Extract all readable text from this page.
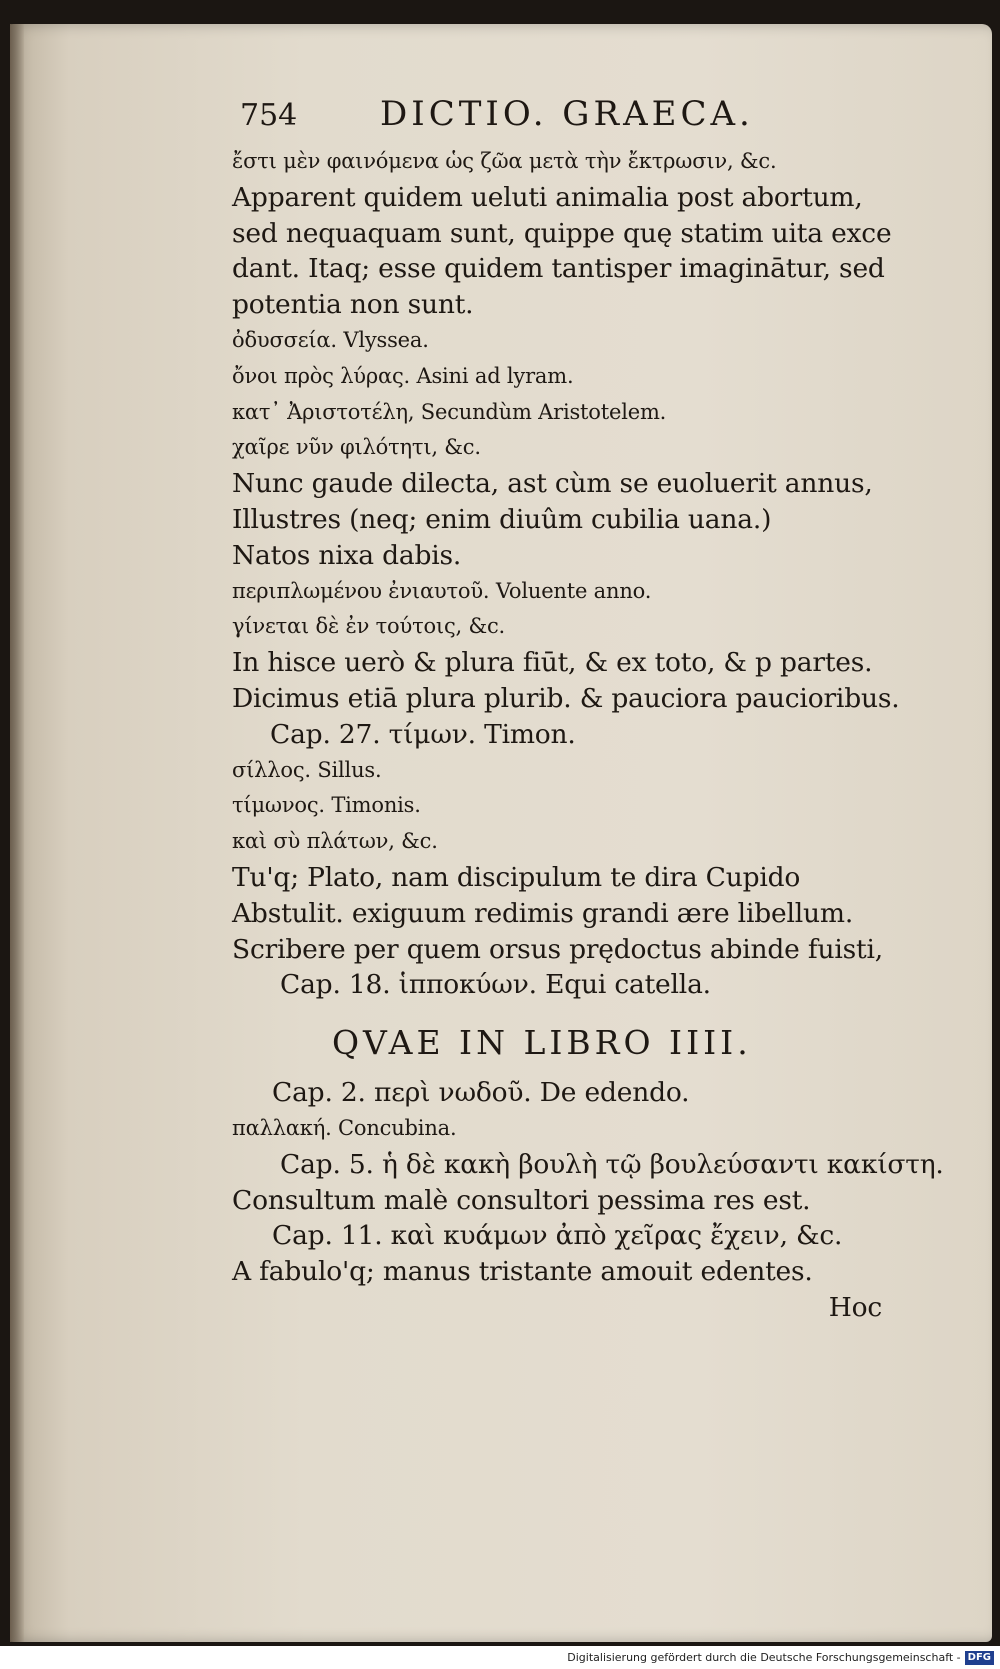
754	DICTIO. GRAECA.
ἔστι μὲν φαινόμενα ὡς ζῶα μετὰ τὴν ἔκτρωσιν, &c.
Apparent quidem ueluti animalia post abortum,
sed nequaquam sunt, quippe quę statim uita exce
dant. Itaq; esse quidem tantisper imaginātur, sed
potentia non sunt.
ὀδυσσεία. Vlyssea.
ὄνοι πρὸς λύρας. Asini ad lyram.
κατ᾽ Ἀριστοτέλη, Secundùm Aristotelem.
χαῖρε νῦν φιλότητι, &c.
Nunc gaude dilecta, ast cùm se euoluerit annus,
Illustres (neq; enim diuûm cubilia uana.)
Natos nixa dabis.
περιπλωμένου ἐνιαυτοῦ. Voluente anno.
γίνεται δὲ ἐν τούτοις, &c.
In hisce uerò & plura fiūt, & ex toto, & p partes.
Dicimus etiā plura plurib. & pauciora paucioribus.
Cap. 27. τίμων. Timon.
σίλλος. Sillus.
τίμωνος. Timonis.
καὶ σὺ πλάτων, &c.
Tu'q; Plato, nam discipulum te dira Cupido
Abstulit. exiguum redimis grandi ære libellum.
Scribere per quem orsus prędoctus abinde fuisti,
Cap. 18. ἱπποκύων. Equi catella.
QVAE IN LIBRO IIII.
Cap. 2. περὶ νωδοῦ. De edendo.
παλλακή. Concubina.
Cap. 5. ἡ δὲ κακὴ βουλὴ τῷ βουλεύσαντι κακίστη.
Consultum malè consultori pessima res est.
Cap. 11. καὶ κυάμων ἀπὸ χεῖρας ἔχειν, &c.
A fabulo'q; manus tristante amouit edentes.
Hoc
Digitalisierung gefördert durch die Deutsche Forschungsgemeinschaft - DFG
